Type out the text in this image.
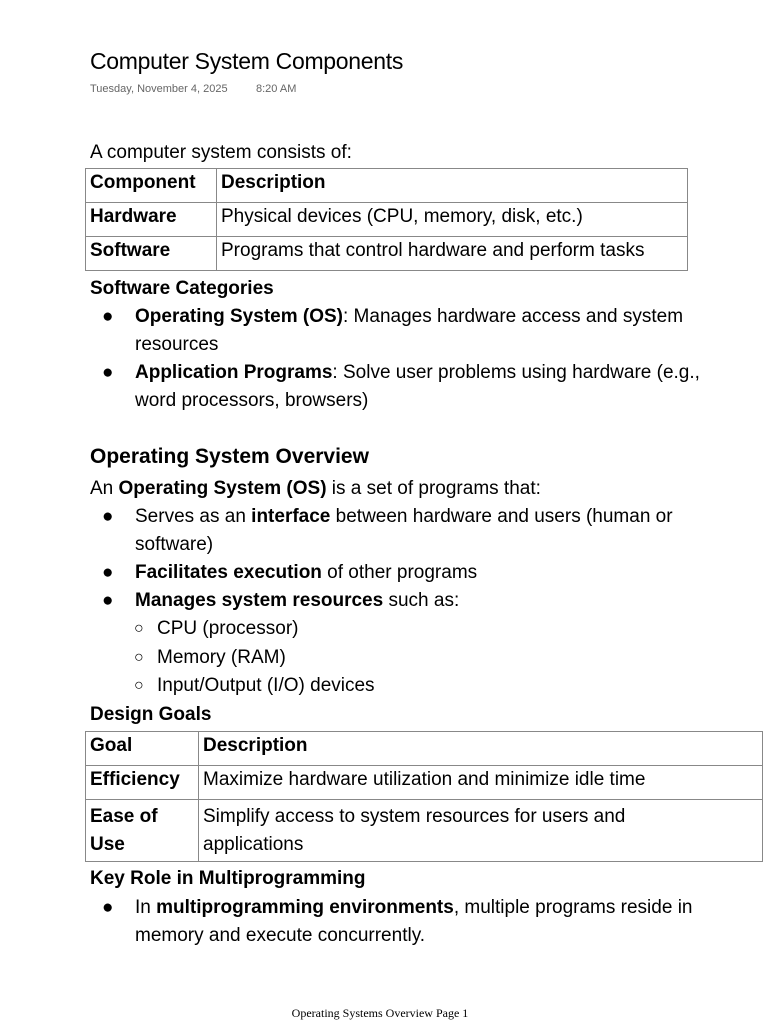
Computer System Components
Tuesday, November 4, 2025	8:20 AM
A computer system consists of:
Component	Description
Hardware	Physical devices (CPU, memory, disk, etc.)
Software	Programs that control hardware and perform tasks
Software Categories
●	Operating System (OS): Manages hardware access and system
resources
●	Application Programs: Solve user problems using hardware (e.g.,
word processors, browsers)
Operating System Overview
An Operating System (OS) is a set of programs that:
●	Serves as an interface between hardware and users (human or
software)
●	Facilitates execution of other programs
●	Manages system resources such as:
○ CPU (processor)
○ Memory (RAM)
○ Input/Output (I/O) devices
Design Goals
Goal	Description
Efficiency	Maximize hardware utilization and minimize idle time
Ease of
Use	Simplify access to system resources for users and
applications
Key Role in Multiprogramming
●	In multiprogramming environments, multiple programs reside in
memory and execute concurrently.
Operating Systems Overview Page 1
